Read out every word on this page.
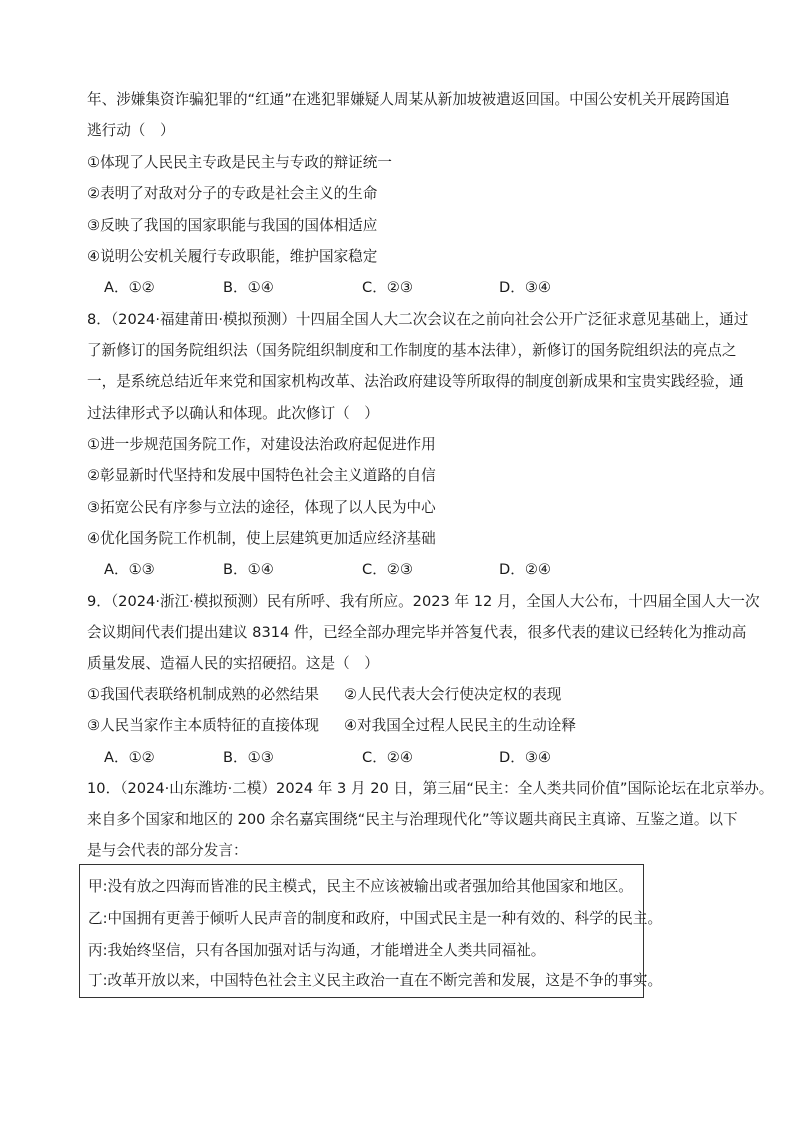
年、涉嫌集资诈骗犯罪的“红通”在逃犯罪嫌疑人周某从新加坡被遣返回国。中国公安机关开展跨国追
逃行动（　）
①体现了人民民主专政是民主与专政的辩证统一
②表明了对敌对分子的专政是社会主义的生命
③反映了我国的国家职能与我国的国体相适应
④说明公安机关履行专政职能，维护国家稳定
A．①②	B．①④	C．②③	D．③④
8．（2024·福建莆田·模拟预测）十四届全国人大二次会议在之前向社会公开广泛征求意见基础上，通过
了新修订的国务院组织法（国务院组织制度和工作制度的基本法律），新修订的国务院组织法的亮点之
一，是系统总结近年来党和国家机构改革、法治政府建设等所取得的制度创新成果和宝贵实践经验，通
过法律形式予以确认和体现。此次修订（　）
①进一步规范国务院工作，对建设法治政府起促进作用
②彰显新时代坚持和发展中国特色社会主义道路的自信
③拓宽公民有序参与立法的途径，体现了以人民为中心
④优化国务院工作机制，使上层建筑更加适应经济基础
A．①③	B．①④	C．②③	D．②④
9．（2024·浙江·模拟预测）民有所呼、我有所应。2023 年 12 月，全国人大公布，十四届全国人大一次
会议期间代表们提出建议 8314 件，已经全部办理完毕并答复代表，很多代表的建议已经转化为推动高
质量发展、造福人民的实招硬招。这是（　）
①我国代表联络机制成熟的必然结果 ②人民代表大会行使决定权的表现
③人民当家作主本质特征的直接体现 ④对我国全过程人民民主的生动诠释
A．①②	B．①③	C．②④	D．③④
10．（2024·山东潍坊·二模）2024 年 3 月 20 日，第三届“民主：全人类共同价值”国际论坛在北京举办。
来自多个国家和地区的 200 余名嘉宾围绕“民主与治理现代化”等议题共商民主真谛、互鉴之道。以下
是与会代表的部分发言：
甲:没有放之四海而皆准的民主模式，民主不应该被输出或者强加给其他国家和地区。
乙:中国拥有更善于倾听人民声音的制度和政府，中国式民主是一种有效的、科学的民主。
丙:我始终坚信，只有各国加强对话与沟通，才能增进全人类共同福祉。
丁:改革开放以来，中国特色社会主义民主政治一直在不断完善和发展，这是不争的事实。
